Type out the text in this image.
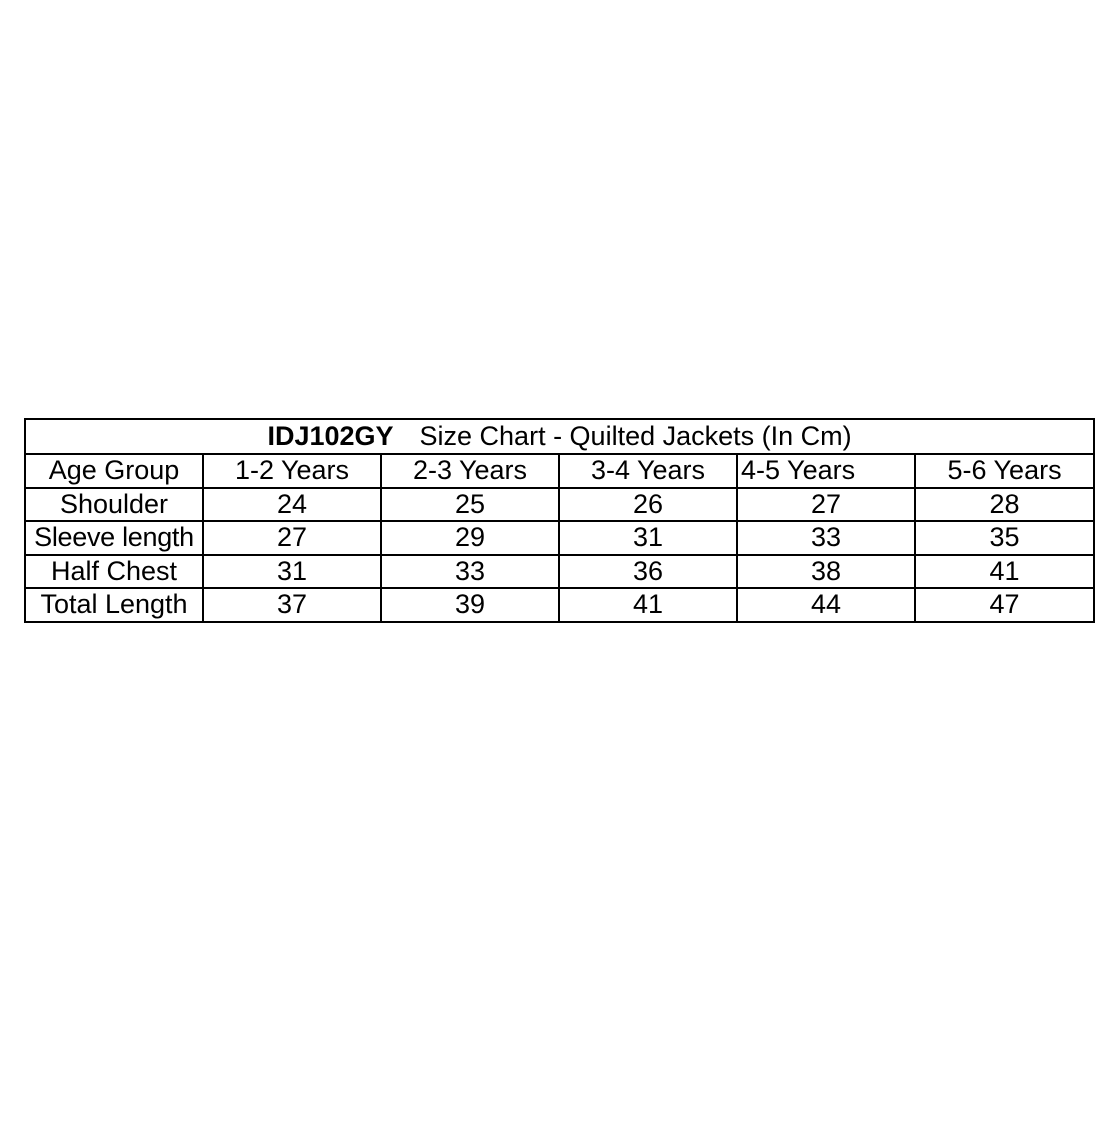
IDJ102GY Size Chart - Quilted Jackets (In Cm)					
Age Group	1-2 Years	2-3 Years	3-4 Years	4-5 Years	5-6 Years
Shoulder	24	25	26	27	28
Sleeve length	27	29	31	33	35
Half Chest	31	33	36	38	41
Total Length	37	39	41	44	47
